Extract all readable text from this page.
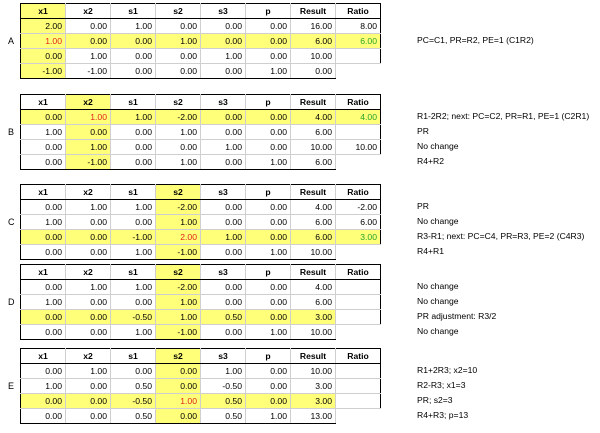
A
x1	x2	s1	s2	s3	p	Result	Ratio
2.00	0.00	1.00	0.00	0.00	0.00	16.00	8.00
1.00	0.00	0.00	1.00	0.00	0.00	6.00	6.00
0.00	1.00	0.00	0.00	1.00	0.00	10.00	
-1.00	-1.00	0.00	0.00	0.00	1.00	0.00	
PC=C1, PR=R2, PE=1 (C1R2)
B
x1	x2	s1	s2	s3	p	Result	Ratio
0.00	1.00	1.00	-2.00	0.00	0.00	4.00	4.00
1.00	0.00	0.00	1.00	0.00	0.00	6.00	
0.00	1.00	0.00	0.00	1.00	0.00	10.00	10.00
0.00	-1.00	0.00	1.00	0.00	1.00	6.00	
R1-2R2; next: PC=C2, PR=R1, PE=1 (C2R1)
PR
No change
R4+R2
C
x1	x2	s1	s2	s3	p	Result	Ratio
0.00	1.00	1.00	-2.00	0.00	0.00	4.00	-2.00
1.00	0.00	0.00	1.00	0.00	0.00	6.00	6.00
0.00	0.00	-1.00	2.00	1.00	0.00	6.00	3.00
0.00	0.00	1.00	-1.00	0.00	1.00	10.00	
PR
No change
R3-R1; next: PC=C4, PR=R3, PE=2 (C4R3)
R4+R1
D
x1	x2	s1	s2	s3	p	Result	Ratio
0.00	1.00	1.00	-2.00	0.00	0.00	4.00	
1.00	0.00	0.00	1.00	0.00	0.00	6.00	
0.00	0.00	-0.50	1.00	0.50	0.00	3.00	
0.00	0.00	1.00	-1.00	0.00	1.00	10.00	
No change
No change
PR adjustment: R3/2
No change
E
x1	x2	s1	s2	s3	p	Result	Ratio
0.00	1.00	0.00	0.00	1.00	0.00	10.00	
1.00	0.00	0.50	0.00	-0.50	0.00	3.00	
0.00	0.00	-0.50	1.00	0.50	0.00	3.00	
0.00	0.00	0.50	0.00	0.50	1.00	13.00	
R1+2R3; x2=10
R2-R3; x1=3
PR; s2=3
R4+R3; p=13
